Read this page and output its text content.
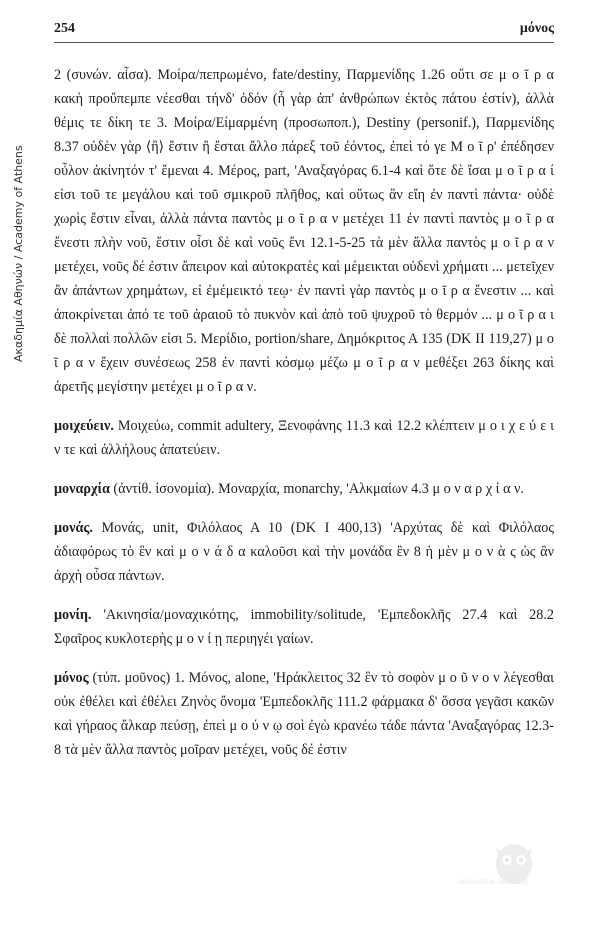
Ακαδημία Αθηνών / Academy of Athens
254	μόνος

2 (συνών. αἶσα). Μοίρα/πεπρωμένο, fate/destiny, Παρμενίδης 1.26 οὔτι σε μ ο ῖ ρ α κακὴ προὔπεμπε νέεσθαι τήνδ' ὁδόν (ἦ γὰρ ἀπ' ἀνθρώπων ἐκτὸς πάτου ἐστίν), ἀλλὰ θέμις τε δίκη τε 3. Μοίρα/Είμαρμένη (προσωποπ.), Destiny (personif.), Παρμενίδης 8.37 οὐδὲν γὰρ ⟨ἢ⟩ ἔστιν ἢ ἔσται ἄλλο πάρεξ τοῦ ἐόντος, ἐπεὶ τό γε Μ ο ῖ ρ' ἐπέδησεν οὖλον ἀκίνητόν τ' ἔμεναι 4. Μέρος, part, 'Αναξαγόρας 6.1-4 καὶ ὅτε δὲ ἴσαι μ ο ῖ ρ α ί εἰσι τοῦ τε μεγάλου καὶ τοῦ σμικροῦ πλῆθος, καὶ οὕτως ἂν εἴη ἐν παντὶ πάντα· οὐδὲ χωρὶς ἔστιν εἶναι, ἀλλὰ πάντα παντὸς μ ο ῖ ρ α ν μετέχει 11 ἐν παντὶ παντὸς μ ο ῖ ρ α ἔνεστι πλὴν νοῦ, ἔστιν οἷσι δὲ καὶ νοῦς ἔνι 12.1-5-25 τὰ μὲν ἄλλα παντὸς μ ο ῖ ρ α ν μετέχει, νοῦς δέ ἐστιν ἄπειρον καὶ αὐτοκρατὲς καὶ μέμεικται οὐδενὶ χρήματι ... μετεῖχεν ἂν ἁπάντων χρημάτων, εἰ ἐμέμεικτό τεῳ· ἐν παντὶ γὰρ παντὸς μ ο ῖ ρ α ἔνεστιν ... καὶ ἀποκρίνεται ἀπό τε τοῦ ἀραιοῦ τὸ πυκνὸν καὶ ἀπὸ τοῦ ψυχροῦ τὸ θερμόν ... μ ο ῖ ρ α ι δὲ πολλαὶ πολλῶν εἰσι 5. Μερίδιο, portion/share, Δημόκριτος Α 135 (DK II 119,27) μ ο ῖ ρ α ν ἔχειν συνέσεως 258 ἐν παντὶ κόσμῳ μέζω μ ο ῖ ρ α ν μεθέξει 263 δίκης καὶ ἀρετῆς μεγίστην μετέχει μ ο ῖ ρ α ν.

μοιχεύειν. Μοιχεύω, commit adultery, Ξενοφάνης 11.3 καὶ 12.2 κλέπτειν μ ο ι χ ε ύ ε ι ν τε καὶ ἀλλήλους ἀπατεύειν.

μοναρχία (ἀντίθ. ἰσονομία). Μοναρχία, monarchy, 'Αλκμαίων 4.3 μ ο ν α ρ χ ί α ν.

μονάς. Μονάς, unit, Φιλόλαος Α 10 (DK I 400,13) 'Αρχύτας δὲ καὶ Φιλόλαος ἀδιαφόρως τὸ ἓν καὶ μ ο ν ά δ α καλοῦσι καὶ τὴν μονάδα ἓν 8 ἡ μὲν μ ο ν ὰ ς ὡς ἂν ἀρχὴ οὖσα πάντων.

μονίη. 'Ακινησία/μοναχικότης, immobility/solitude, 'Εμπεδοκλῆς 27.4 καὶ 28.2 Σφαῖρος κυκλοτερὴς μ ο ν ί ῃ περιηγέι γαίων.

μόνος (τύπ. μοῦνος) 1. Μόνος, alone, 'Ηράκλειτος 32 ἓν τὸ σοφὸν μ ο ῦ ν ο ν λέγεσθαι οὐκ ἐθέλει καὶ ἐθέλει Ζηνὸς ὄνομα 'Εμπεδοκλῆς 111.2 φάρμακα δ' ὅσσα γεγᾶσι κακῶν καὶ γήραος ἄλκαρ πεύσῃ, ἐπεὶ μ ο ύ ν ῳ σοὶ ἐγὼ κρανέω τάδε πάντα 'Αναξαγόρας 12.3-8 τὰ μὲν ἄλλα παντὸς μοῖραν μετέχει, νοῦς δέ ἐστιν

ΑΚΑΔΗΜΙΑ ΑΘΗΝΩΝ
